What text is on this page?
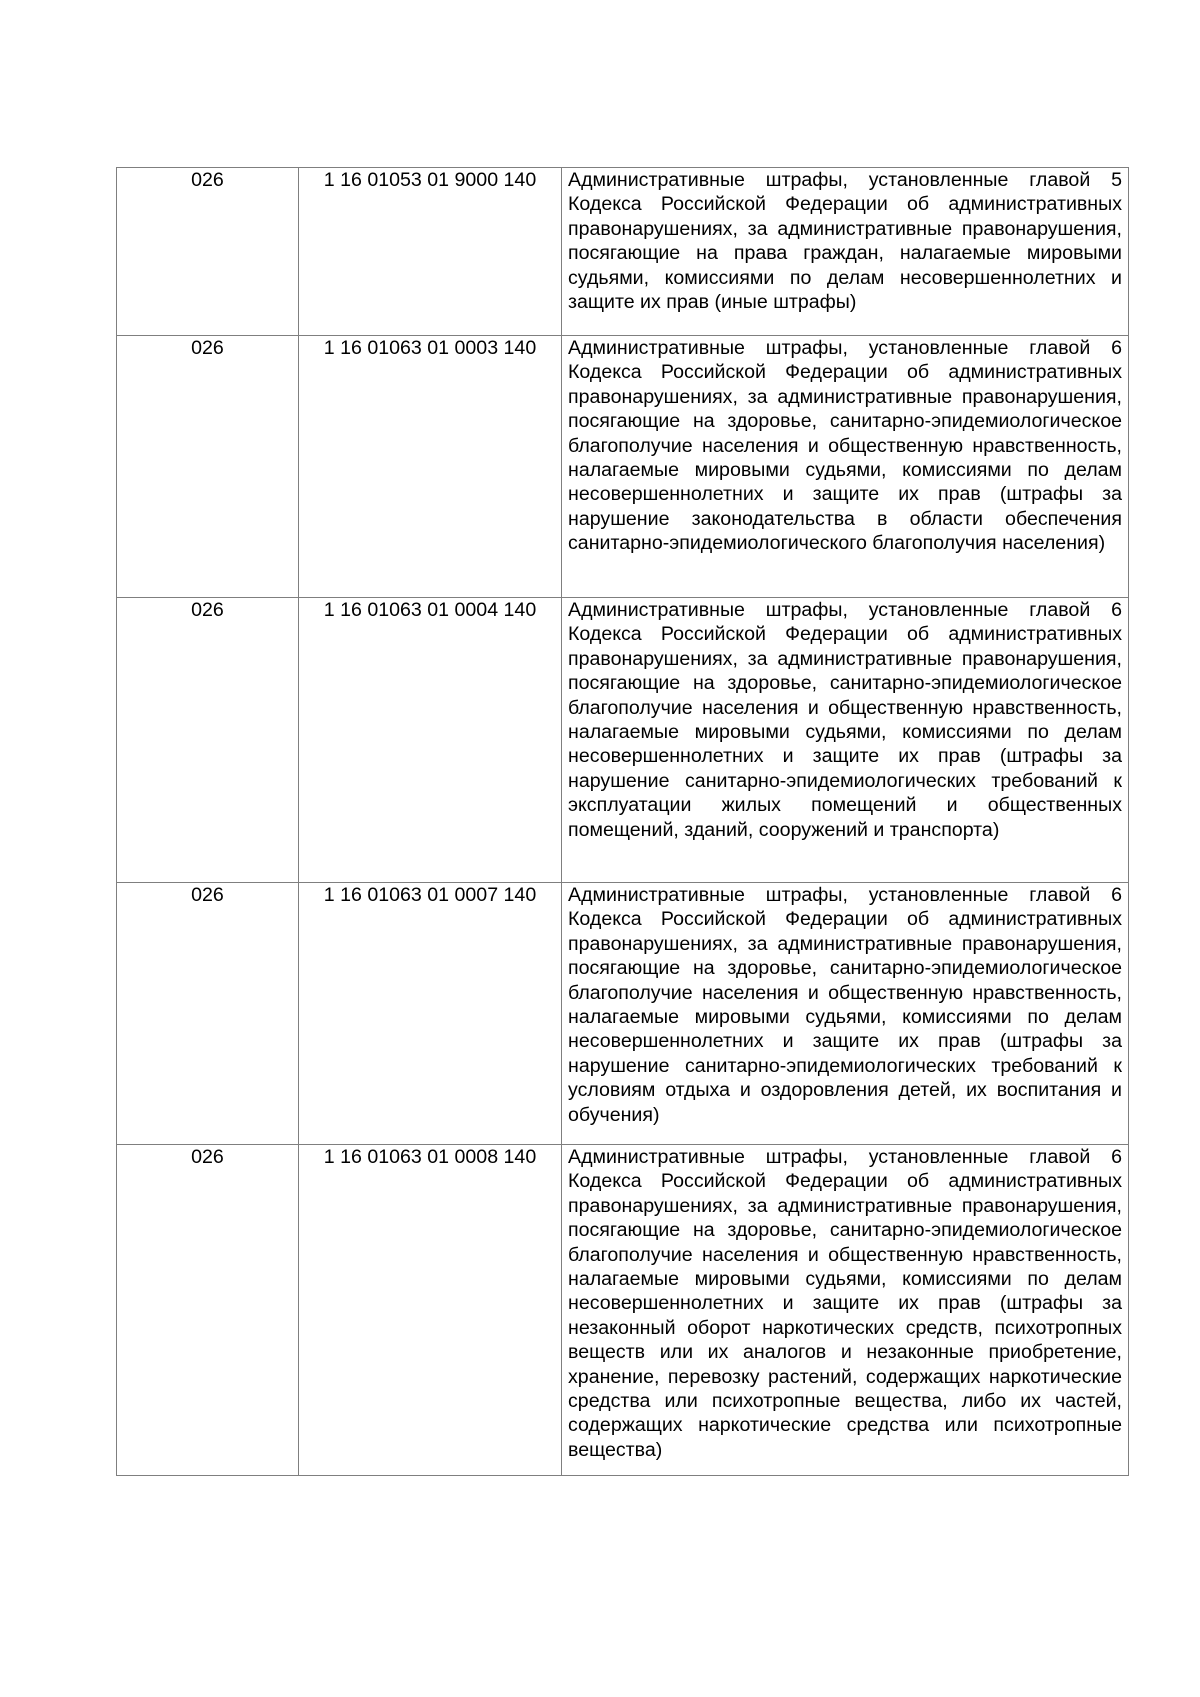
026	1 16 01053 01 9000 140	Административные штрафы, установленные главой 5 Кодекса Российской Федерации об административных правонарушениях, за административные правонарушения, посягающие на права граждан, налагаемые мировыми судьями, комиссиями по делам несовершеннолетних и защите их прав (иные штрафы)

026	1 16 01063 01 0003 140	Административные штрафы, установленные главой 6 Кодекса Российской Федерации об административных правонарушениях, за административные правонарушения, посягающие на здоровье, санитарно-эпидемиологическое благополучие населения и общественную нравственность, налагаемые мировыми судьями, комиссиями по делам несовершеннолетних и защите их прав (штрафы за нарушение законодательства в области обеспечения санитарно-эпидемиологического благополучия населения)

026	1 16 01063 01 0004 140	Административные штрафы, установленные главой 6 Кодекса Российской Федерации об административных правонарушениях, за административные правонарушения, посягающие на здоровье, санитарно-эпидемиологическое благополучие населения и общественную нравственность, налагаемые мировыми судьями, комиссиями по делам несовершеннолетних и защите их прав (штрафы за нарушение санитарно-эпидемиологических требований к эксплуатации жилых помещений и общественных помещений, зданий, сооружений и транспорта)

026	1 16 01063 01 0007 140	Административные штрафы, установленные главой 6 Кодекса Российской Федерации об административных правонарушениях, за административные правонарушения, посягающие на здоровье, санитарно-эпидемиологическое благополучие населения и общественную нравственность, налагаемые мировыми судьями, комиссиями по делам несовершеннолетних и защите их прав (штрафы за нарушение санитарно-эпидемиологических требований к условиям отдыха и оздоровления детей, их воспитания и обучения)

026	1 16 01063 01 0008 140	Административные штрафы, установленные главой 6 Кодекса Российской Федерации об административных правонарушениях, за административные правонарушения, посягающие на здоровье, санитарно-эпидемиологическое благополучие населения и общественную нравственность, налагаемые мировыми судьями, комиссиями по делам несовершеннолетних и защите их прав (штрафы за незаконный оборот наркотических средств, психотропных веществ или их аналогов и незаконные приобретение, хранение, перевозку растений, содержащих наркотические средства или психотропные вещества, либо их частей, содержащих наркотические средства или психотропные вещества)
